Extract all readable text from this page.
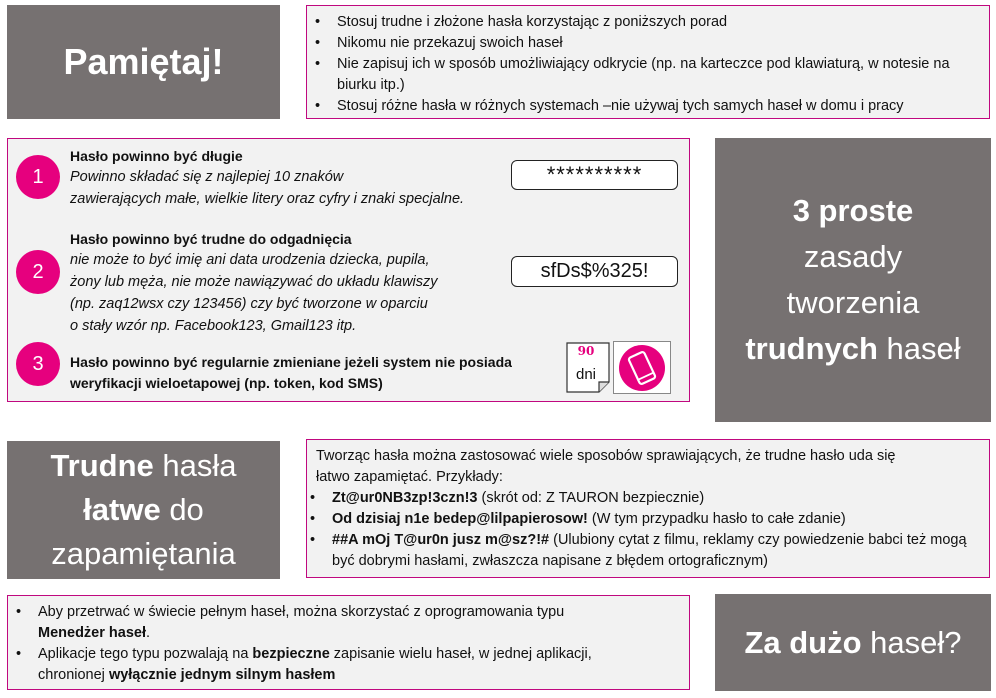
Pamiętaj!
• Stosuj trudne i złożone hasła korzystając z poniższych porad
• Nikomu nie przekazuj swoich haseł
• Nie zapisuj ich w sposób umożliwiający odkrycie (np. na karteczce pod klawiaturą, w notesie na biurku itp.)
• Stosuj różne hasła w różnych systemach –nie używaj tych samych haseł w domu i pracy
1
Hasło powinno być długie
Powinno składać się z najlepiej 10 znaków
zawierających małe, wielkie litery oraz cyfry i znaki specjalne.
**********
2
Hasło powinno być trudne do odgadnięcia
nie może to być imię ani data urodzenia dziecka, pupila,
żony lub męża, nie może nawiązywać do układu klawiszy
(np. zaq12wsx czy 123456) czy być tworzone w oparciu
o stały wzór np. Facebook123, Gmail123 itp.
sfDs$%325!
3	Hasło powinno być regularnie zmieniane jeżeli system nie posiada
weryfikacji wieloetapowej (np. token, kod SMS)
90
dni
3 proste
zasady
tworzenia
trudnych haseł
Trudne hasła
łatwe do
zapamiętania
Tworząc hasła można zastosować wiele sposobów sprawiających, że trudne hasło uda się
łatwo zapamiętać. Przykłady:
• Zt@ur0NB3zp!3czn!3 (skrót od: Z TAURON bezpiecznie)
• Od dzisiaj n1e bedep@lilpapierosow! (W tym przypadku hasło to całe zdanie)
• ##A mOj T@ur0n jusz m@sz?!# (Ulubiony cytat z filmu, reklamy czy powiedzenie babci też mogą być dobrymi hasłami, zwłaszcza napisane z błędem ortograficznym)
• Aby przetrwać w świecie pełnym haseł, można skorzystać z oprogramowania typu
Menedżer haseł.
• Aplikacje tego typu pozwalają na bezpieczne zapisanie wielu haseł, w jednej aplikacji,
chronionej wyłącznie jednym silnym hasłem
Za dużo haseł?
